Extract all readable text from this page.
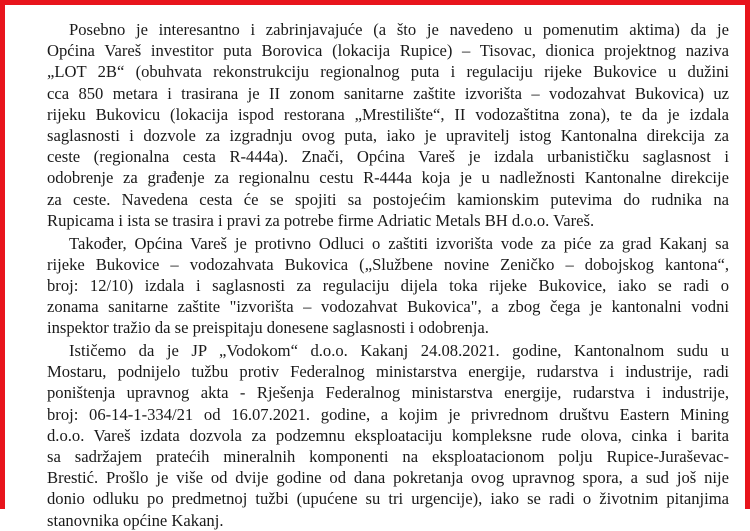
Posebno je interesantno i zabrinjavajuće (a što je navedeno u pomenutim aktima) da je
Općina Vareš investitor puta Borovica (lokacija Rupice) – Tisovac, dionica projektnog naziva
„LOT 2B“ (obuhvata rekonstrukciju regionalnog puta i regulaciju rijeke Bukovice u dužini
cca 850 metara i trasirana je II zonom sanitarne zaštite izvorišta – vodozahvat Bukovica) uz
rijeku Bukovicu (lokacija ispod restorana „Mrestilište“, II vodozaštitna zona), te da je izdala
saglasnosti i dozvole za izgradnju ovog puta, iako je upravitelj istog Kantonalna direkcija za
ceste (regionalna cesta R-444a). Znači, Općina Vareš je izdala urbanističku saglasnost i
odobrenje za građenje za regionalnu cestu R-444a koja je u nadležnosti Kantonalne direkcije
za ceste. Navedena cesta će se spojiti sa postojećim kamionskim putevima do rudnika na
Rupicama i ista se trasira i pravi za potrebe firme Adriatic Metals BH d.o.o. Vareš.

Također, Općina Vareš je protivno Odluci o zaštiti izvorišta vode za piće za grad Kakanj sa
rijeke Bukovice – vodozahvata Bukovica („Službene novine Zeničko – dobojskog kantona“,
broj: 12/10) izdala i saglasnosti za regulaciju dijela toka rijeke Bukovice, iako se radi o
zonama sanitarne zaštite "izvorišta – vodozahvat Bukovica", a zbog čega je kantonalni vodni
inspektor tražio da se preispitaju donesene saglasnosti i odobrenja.

Ističemo da je JP „Vodokom“ d.o.o. Kakanj 24.08.2021. godine, Kantonalnom sudu u
Mostaru, podnijelo tužbu protiv Federalnog ministarstva energije, rudarstva i industrije, radi
poništenja upravnog akta - Rješenja Federalnog ministarstva energije, rudarstva i industrije,
broj: 06-14-1-334/21 od 16.07.2021. godine, a kojim je privrednom društvu Eastern Mining
d.o.o. Vareš izdata dozvola za podzemnu eksploataciju kompleksne rude olova, cinka i barita
sa sadržajem pratećih mineralnih komponenti na eksploatacionom polju Rupice-Juraševac-
Brestić. Prošlo je više od dvije godine od dana pokretanja ovog upravnog spora, a sud još nije
donio odluku po predmetnoj tužbi (upućene su tri urgencije), iako se radi o životnim pitanjima
stanovnika općine Kakanj.
